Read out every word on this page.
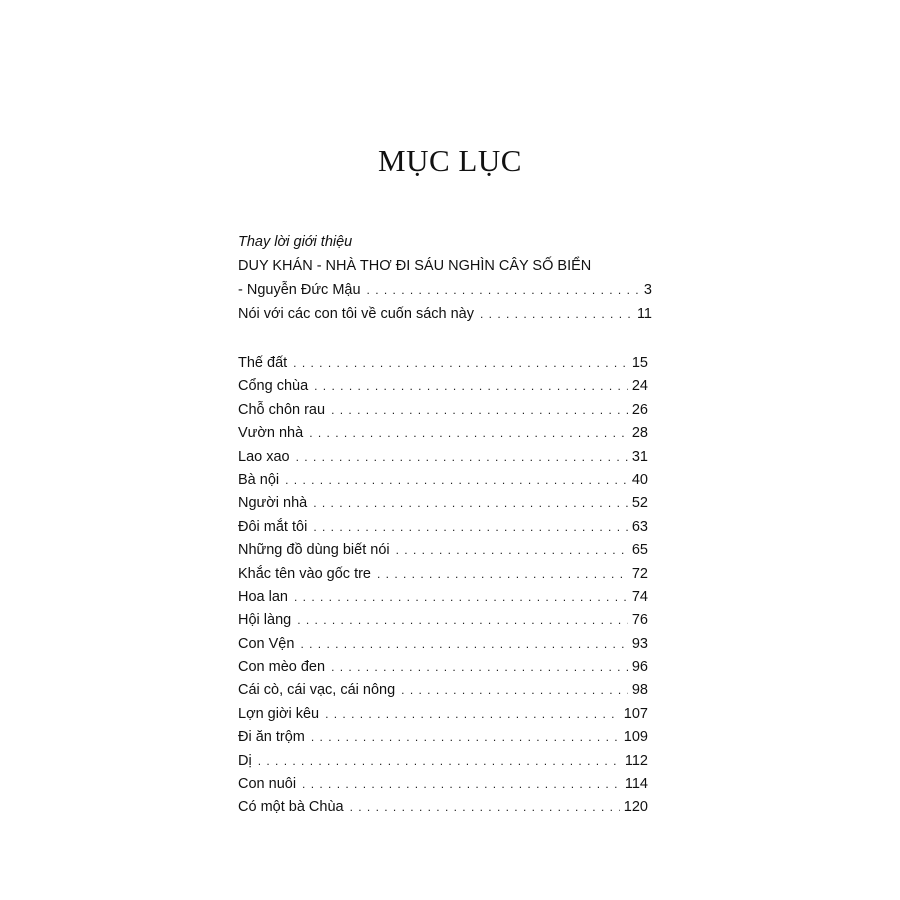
MỤC LỤC
Thay lời giới thiệu
DUY KHÁN - NHÀ THƠ ĐI SÁU NGHÌN CÂY SỐ BIỂN
- Nguyễn Đức Mậu . . .	3
Nói với các con tôi về cuốn sách này . . .	11
Thế đất . . .	15
Cổng chùa . . .	24
Chỗ chôn rau . . .	26
Vườn nhà . . .	28
Lao xao . . .	31
Bà nội . . .	40
Người nhà . . .	52
Đôi mắt tôi . . .	63
Những đồ dùng biết nói . . .	65
Khắc tên vào gốc tre . . .	72
Hoa lan . . .	74
Hội làng . . .	76
Con Vện . . .	93
Con mèo đen . . .	96
Cái cò, cái vạc, cái nông . . .	98
Lợn giời kêu . . .	107
Đi ăn trộm . . .	109
Dị . . .	112
Con nuôi . . .	114
Có một bà Chùa . . .	120
